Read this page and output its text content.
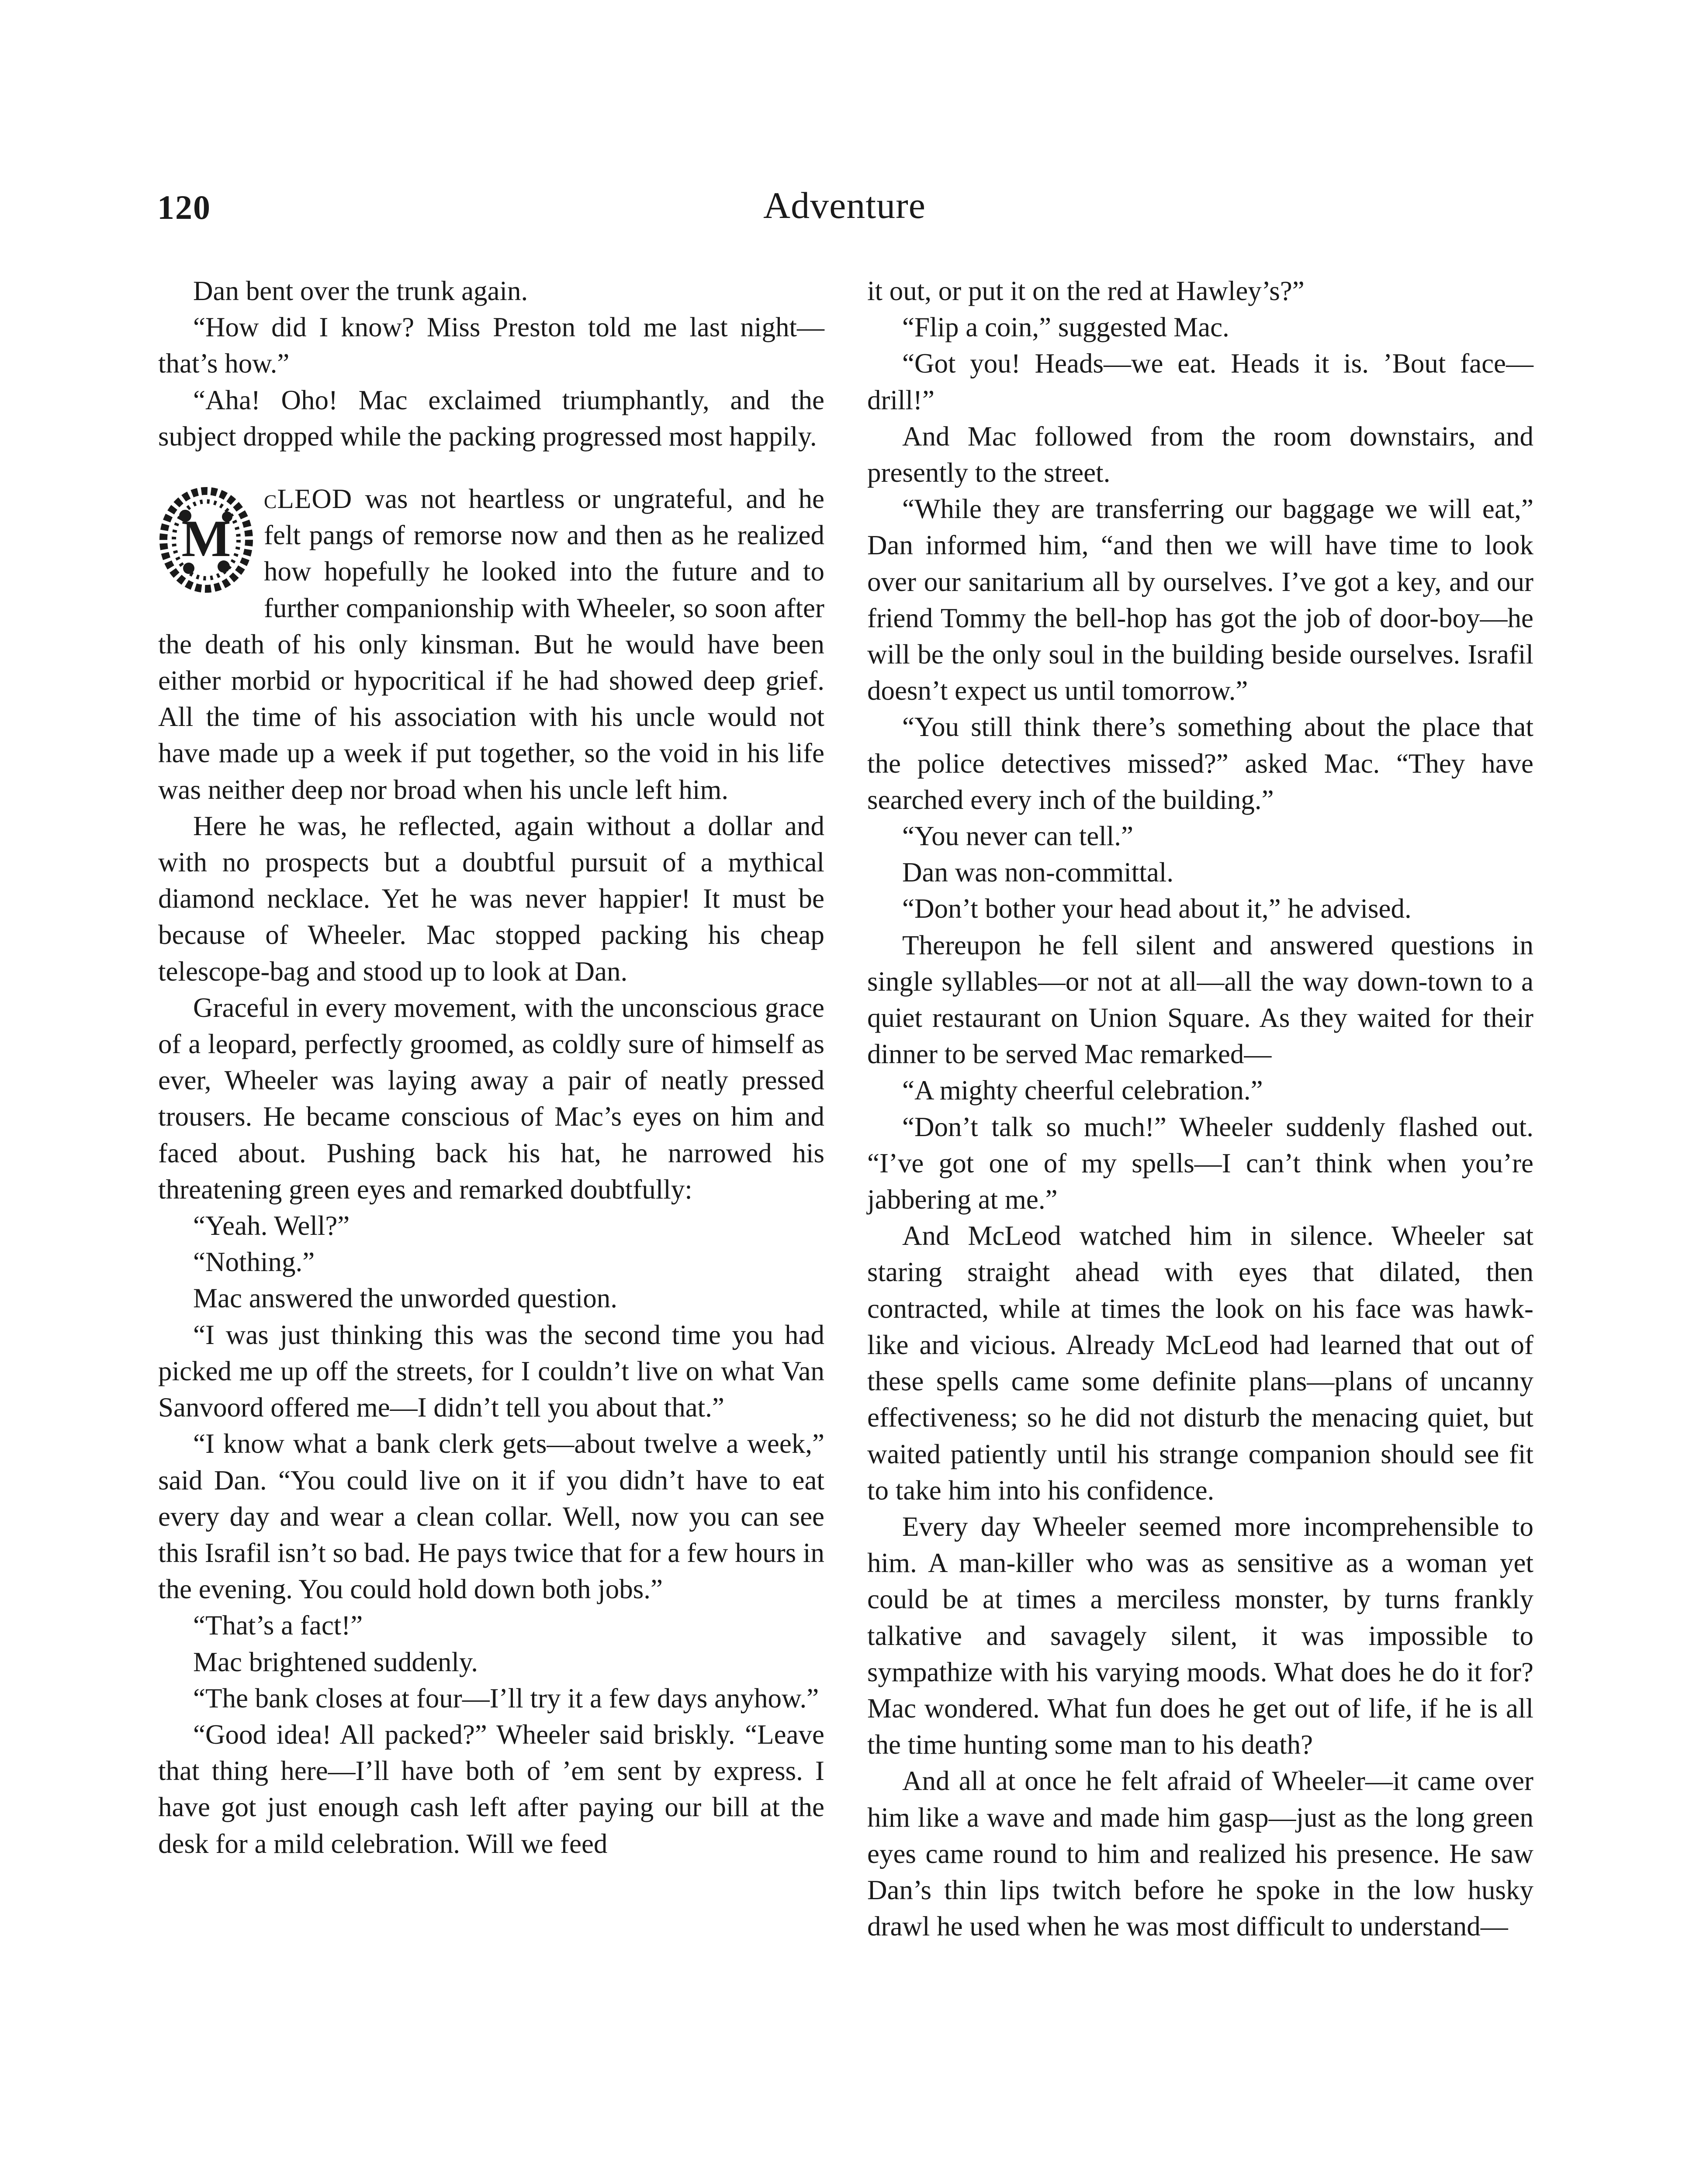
120	Adventure

Dan bent over the trunk again.

“How did I know? Miss Preston told me last night—that’s how.”

“Aha! Oho! Mac exclaimed triumphantly, and the subject dropped while the packing progressed most happily.

M
cLEOD was not heartless or ungrateful, and he felt pangs of remorse now and then as he realized how hopefully he looked into the future and to further companionship with Wheeler, so soon after the death of his only kinsman. But he would have been either morbid or hypocritical if he had showed deep grief. All the time of his association with his uncle would not have made up a week if put together, so the void in his life was neither deep nor broad when his uncle left him.

Here he was, he reflected, again without a dollar and with no prospects but a doubtful pursuit of a mythical diamond necklace. Yet he was never happier! It must be because of Wheeler. Mac stopped packing his cheap telescope-bag and stood up to look at Dan.

Graceful in every movement, with the unconscious grace of a leopard, perfectly groomed, as coldly sure of himself as ever, Wheeler was laying away a pair of neatly pressed trousers. He became conscious of Mac’s eyes on him and faced about. Pushing back his hat, he narrowed his threatening green eyes and remarked doubtfully:

“Yeah. Well?”

“Nothing.”

Mac answered the unworded question.

“I was just thinking this was the second time you had picked me up off the streets, for I couldn’t live on what Van Sanvoord offered me—I didn’t tell you about that.”

“I know what a bank clerk gets—about twelve a week,” said Dan. “You could live on it if you didn’t have to eat every day and wear a clean collar. Well, now you can see this Israfil isn’t so bad. He pays twice that for a few hours in the evening. You could hold down both jobs.”

“That’s a fact!”

Mac brightened suddenly.

“The bank closes at four—I’ll try it a few days anyhow.”

“Good idea! All packed?” Wheeler said briskly. “Leave that thing here—I’ll have both of ’em sent by express. I have got just enough cash left after paying our bill at the desk for a mild celebration. Will we feed

it out, or put it on the red at Hawley’s?”

“Flip a coin,” suggested Mac.

“Got you! Heads—we eat. Heads it is. ’Bout face—drill!”

And Mac followed from the room downstairs, and presently to the street.

“While they are transferring our baggage we will eat,” Dan informed him, “and then we will have time to look over our sanitarium all by ourselves. I’ve got a key, and our friend Tommy the bell-hop has got the job of door-boy—he will be the only soul in the building beside ourselves. Israfil doesn’t expect us until tomorrow.”

“You still think there’s something about the place that the police detectives missed?” asked Mac. “They have searched every inch of the building.”

“You never can tell.”

Dan was non-committal.

“Don’t bother your head about it,” he advised.

Thereupon he fell silent and answered questions in single syllables—or not at all—all the way down-town to a quiet restaurant on Union Square. As they waited for their dinner to be served Mac remarked—

“A mighty cheerful celebration.”

“Don’t talk so much!” Wheeler suddenly flashed out. “I’ve got one of my spells—I can’t think when you’re jabbering at me.”

And McLeod watched him in silence. Wheeler sat staring straight ahead with eyes that dilated, then contracted, while at times the look on his face was hawk-like and vicious. Already McLeod had learned that out of these spells came some definite plans—plans of uncanny effectiveness; so he did not disturb the menacing quiet, but waited patiently until his strange companion should see fit to take him into his confidence.

Every day Wheeler seemed more incomprehensible to him. A man-killer who was as sensitive as a woman yet could be at times a merciless monster, by turns frankly talkative and savagely silent, it was impossible to sympathize with his varying moods. What does he do it for? Mac wondered. What fun does he get out of life, if he is all the time hunting some man to his death?

And all at once he felt afraid of Wheeler—it came over him like a wave and made him gasp—just as the long green eyes came round to him and realized his presence. He saw Dan’s thin lips twitch before he spoke in the low husky drawl he used when he was most difficult to understand—
